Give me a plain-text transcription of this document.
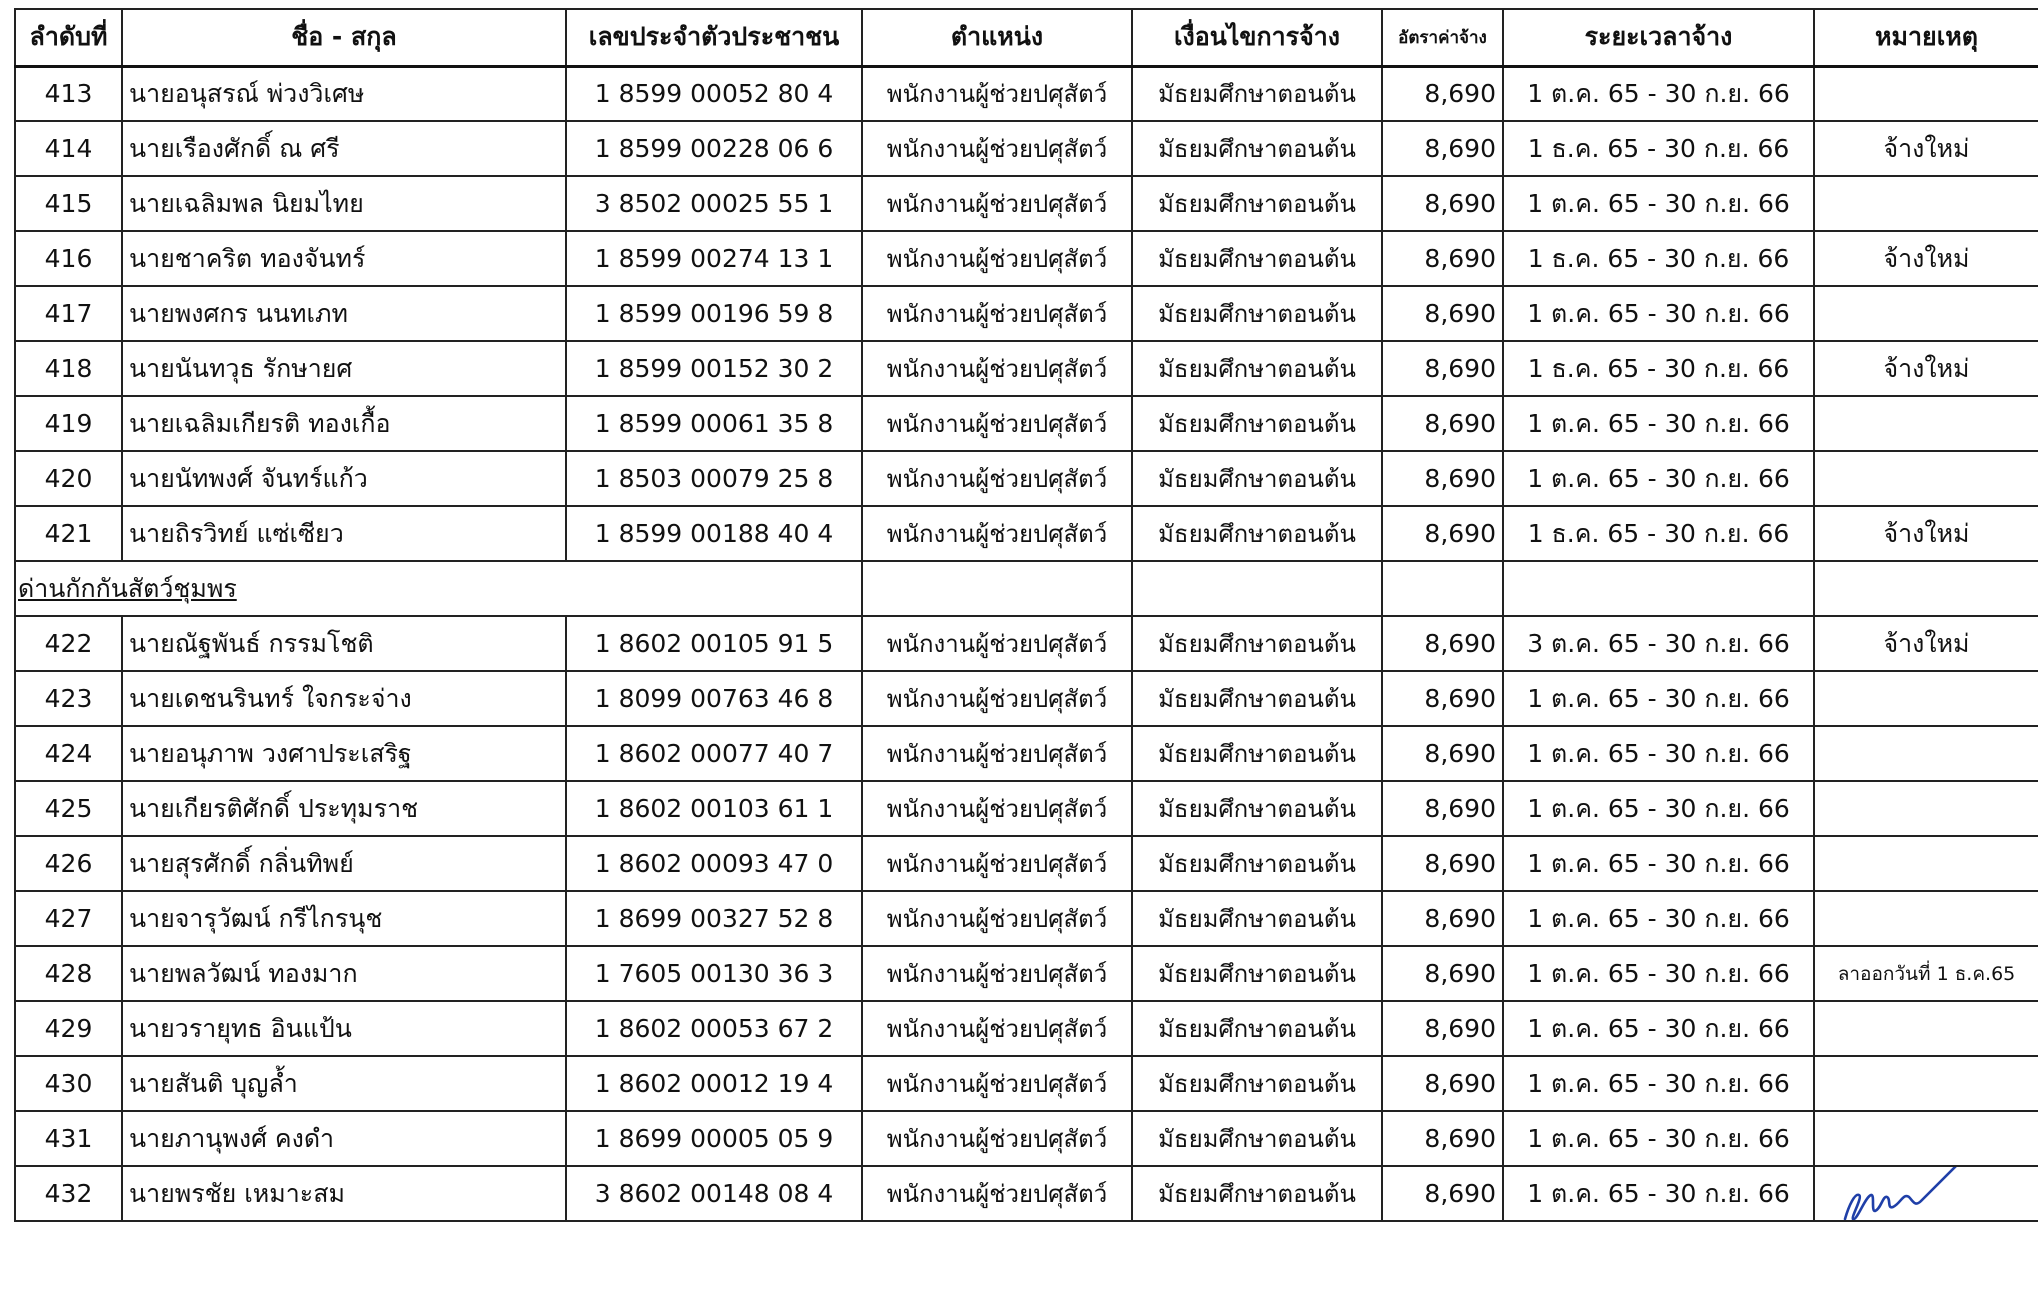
ลำดับที่	ชื่อ - สกุล	เลขประจำตัวประชาชน	ตำแหน่ง	เงื่อนไขการจ้าง	อัตราค่าจ้าง	ระยะเวลาจ้าง	หมายเหตุ
413	นายอนุสรณ์ พ่วงวิเศษ	1 8599 00052 80 4	พนักงานผู้ช่วยปศุสัตว์	มัธยมศึกษาตอนต้น	8,690	1 ต.ค. 65 - 30 ก.ย. 66	
414	นายเรืองศักดิ์ ณ ศรี	1 8599 00228 06 6	พนักงานผู้ช่วยปศุสัตว์	มัธยมศึกษาตอนต้น	8,690	1 ธ.ค. 65 - 30 ก.ย. 66	จ้างใหม่
415	นายเฉลิมพล นิยมไทย	3 8502 00025 55 1	พนักงานผู้ช่วยปศุสัตว์	มัธยมศึกษาตอนต้น	8,690	1 ต.ค. 65 - 30 ก.ย. 66	
416	นายชาคริต ทองจันทร์	1 8599 00274 13 1	พนักงานผู้ช่วยปศุสัตว์	มัธยมศึกษาตอนต้น	8,690	1 ธ.ค. 65 - 30 ก.ย. 66	จ้างใหม่
417	นายพงศกร นนทเภท	1 8599 00196 59 8	พนักงานผู้ช่วยปศุสัตว์	มัธยมศึกษาตอนต้น	8,690	1 ต.ค. 65 - 30 ก.ย. 66	
418	นายนันทวุธ รักษายศ	1 8599 00152 30 2	พนักงานผู้ช่วยปศุสัตว์	มัธยมศึกษาตอนต้น	8,690	1 ธ.ค. 65 - 30 ก.ย. 66	จ้างใหม่
419	นายเฉลิมเกียรติ ทองเกื้อ	1 8599 00061 35 8	พนักงานผู้ช่วยปศุสัตว์	มัธยมศึกษาตอนต้น	8,690	1 ต.ค. 65 - 30 ก.ย. 66	
420	นายนัทพงศ์ จันทร์แก้ว	1 8503 00079 25 8	พนักงานผู้ช่วยปศุสัตว์	มัธยมศึกษาตอนต้น	8,690	1 ต.ค. 65 - 30 ก.ย. 66	
421	นายถิรวิทย์ แซ่เซียว	1 8599 00188 40 4	พนักงานผู้ช่วยปศุสัตว์	มัธยมศึกษาตอนต้น	8,690	1 ธ.ค. 65 - 30 ก.ย. 66	จ้างใหม่
ด่านกักกันสัตว์ชุมพร							
422	นายณัฐพันธ์ กรรมโชติ	1 8602 00105 91 5	พนักงานผู้ช่วยปศุสัตว์	มัธยมศึกษาตอนต้น	8,690	3 ต.ค. 65 - 30 ก.ย. 66	จ้างใหม่
423	นายเดชนรินทร์ ใจกระจ่าง	1 8099 00763 46 8	พนักงานผู้ช่วยปศุสัตว์	มัธยมศึกษาตอนต้น	8,690	1 ต.ค. 65 - 30 ก.ย. 66	
424	นายอนุภาพ วงศาประเสริฐ	1 8602 00077 40 7	พนักงานผู้ช่วยปศุสัตว์	มัธยมศึกษาตอนต้น	8,690	1 ต.ค. 65 - 30 ก.ย. 66	
425	นายเกียรติศักดิ์ ประทุมราช	1 8602 00103 61 1	พนักงานผู้ช่วยปศุสัตว์	มัธยมศึกษาตอนต้น	8,690	1 ต.ค. 65 - 30 ก.ย. 66	
426	นายสุรศักดิ์ กลิ่นทิพย์	1 8602 00093 47 0	พนักงานผู้ช่วยปศุสัตว์	มัธยมศึกษาตอนต้น	8,690	1 ต.ค. 65 - 30 ก.ย. 66	
427	นายจารุวัฒน์ กรีไกรนุช	1 8699 00327 52 8	พนักงานผู้ช่วยปศุสัตว์	มัธยมศึกษาตอนต้น	8,690	1 ต.ค. 65 - 30 ก.ย. 66	
428	นายพลวัฒน์ ทองมาก	1 7605 00130 36 3	พนักงานผู้ช่วยปศุสัตว์	มัธยมศึกษาตอนต้น	8,690	1 ต.ค. 65 - 30 ก.ย. 66	ลาออกวันที่ 1 ธ.ค.65
429	นายวรายุทธ อินแป้น	1 8602 00053 67 2	พนักงานผู้ช่วยปศุสัตว์	มัธยมศึกษาตอนต้น	8,690	1 ต.ค. 65 - 30 ก.ย. 66	
430	นายสันติ บุญล้ำ	1 8602 00012 19 4	พนักงานผู้ช่วยปศุสัตว์	มัธยมศึกษาตอนต้น	8,690	1 ต.ค. 65 - 30 ก.ย. 66	
431	นายภานุพงศ์ คงดำ	1 8699 00005 05 9	พนักงานผู้ช่วยปศุสัตว์	มัธยมศึกษาตอนต้น	8,690	1 ต.ค. 65 - 30 ก.ย. 66	
432	นายพรชัย เหมาะสม	3 8602 00148 08 4	พนักงานผู้ช่วยปศุสัตว์	มัธยมศึกษาตอนต้น	8,690	1 ต.ค. 65 - 30 ก.ย. 66	
